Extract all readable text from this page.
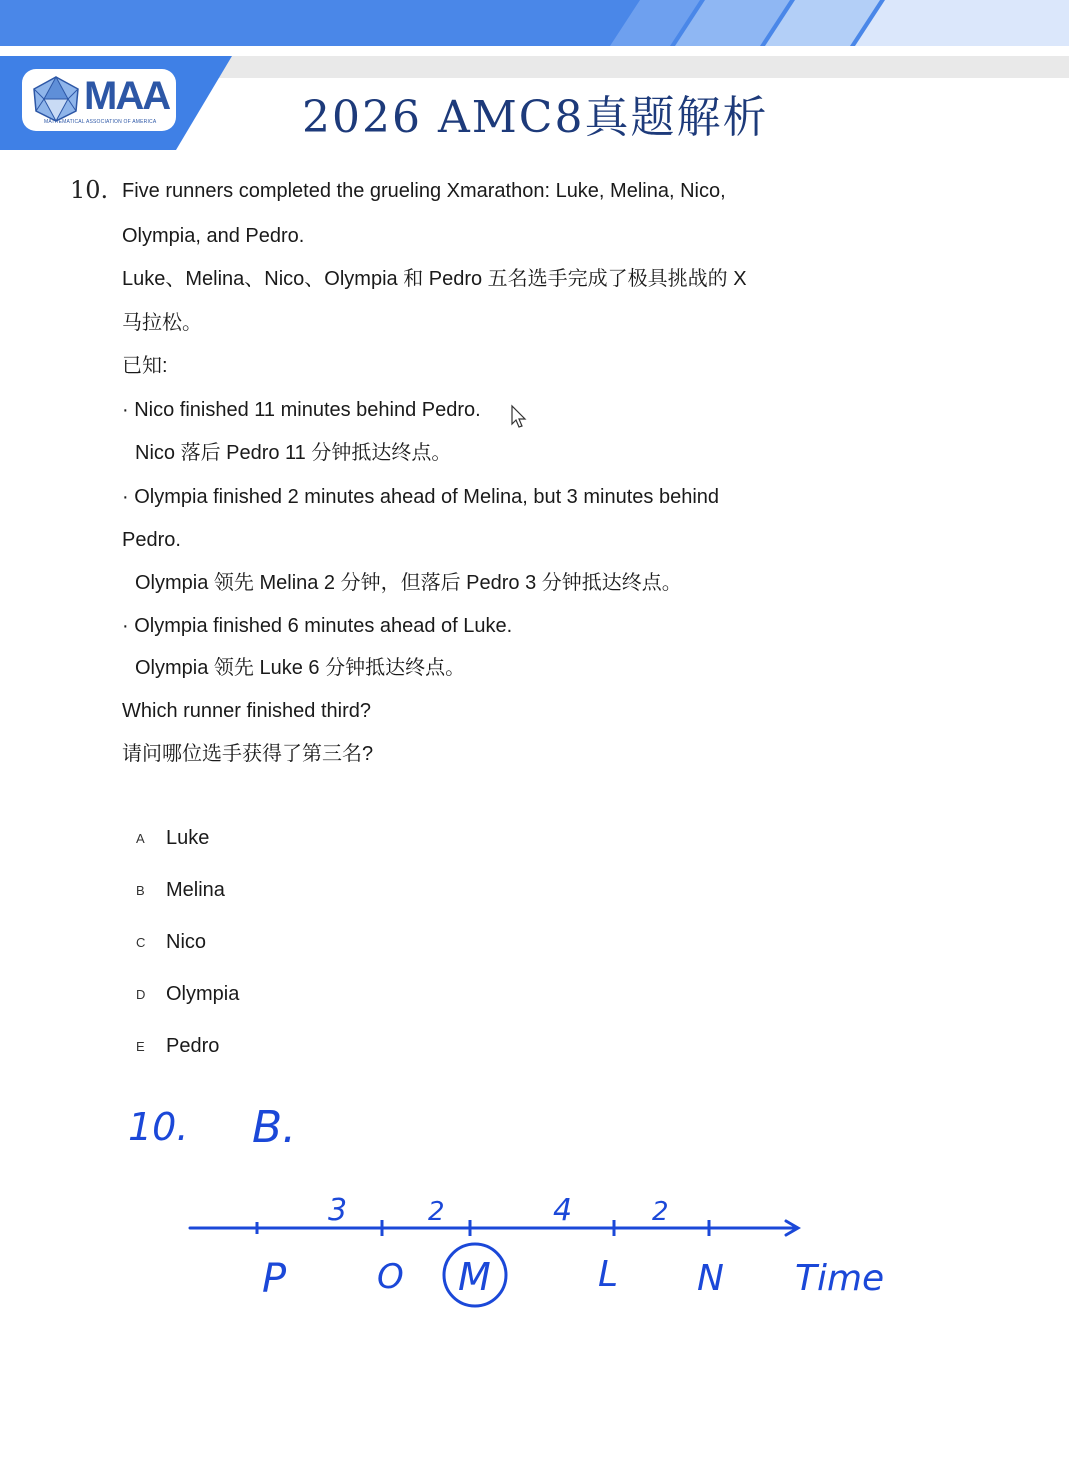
MAA
MATHEMATICAL ASSOCIATION OF AMERICA	2026 AMC8真题解析
10. Five runners completed the grueling Xmarathon: Luke, Melina, Nico,
Olympia, and Pedro.
Luke、Melina、Nico、Olympia 和 Pedro 五名选手完成了极具挑战的 X
马拉松。
已知:
· Nico finished 11 minutes behind Pedro.
Nico 落后 Pedro 11 分钟抵达终点。
· Olympia finished 2 minutes ahead of Melina, but 3 minutes behind
Pedro.
Olympia 领先 Melina 2 分钟，但落后 Pedro 3 分钟抵达终点。
· Olympia finished 6 minutes ahead of Luke.
Olympia 领先 Luke 6 分钟抵达终点。
Which runner finished third?
请问哪位选手获得了第三名?
A Luke
B Melina
C Nico
D Olympia
E Pedro
10. B.
3	2	4	2
P	O M	L N Time
